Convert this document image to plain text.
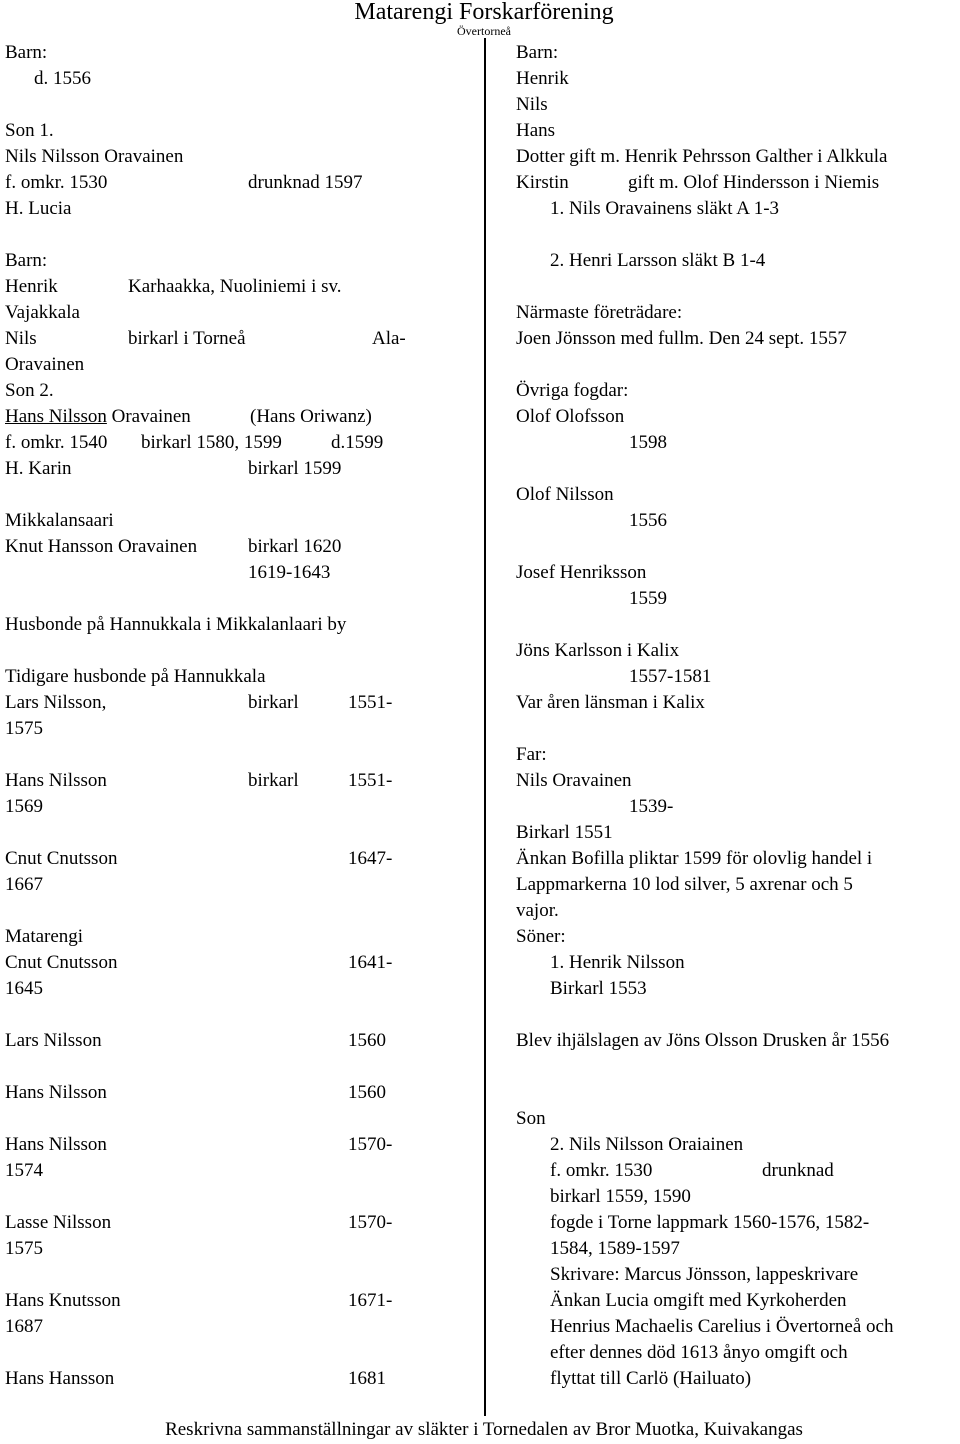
Matarengi Forskarförening
Övertorneå
Barn:
d. 1556
Son 1.
Nils Nilsson Oravainen
f. omkr. 1530	drunknad 1597
H. Lucia
Barn:
Henrik	Karhaakka, Nuoliniemi i sv.
Vajakkala
Nils	birkarl i Torneå	Ala-
Oravainen
Son 2.
Hans Nilsson Oravainen	(Hans Oriwanz)
f. omkr. 1540 birkarl 1580, 1599	d.1599
H. Karin	birkarl 1599
Mikkalansaari
Knut Hansson Oravainen	birkarl 1620
1619-1643
Husbonde på Hannukkala i Mikkalanlaari by
Tidigare husbonde på Hannukkala
Lars Nilsson,	birkarl	1551-
1575
Hans Nilsson	birkarl	1551-
1569
Cnut Cnutsson	1647-
1667
Matarengi
Cnut Cnutsson	1641-
1645
Lars Nilsson	1560
Hans Nilsson	1560
Hans Nilsson	1570-
1574
Lasse Nilsson	1570-
1575
Hans Knutsson	1671-
1687
Hans Hansson	1681
Barn:
Henrik
Nils
Hans
Dotter gift m. Henrik Pehrsson Galther i Alkkula
Kirstin	gift m. Olof Hindersson i Niemis
1. Nils Oravainens släkt A 1-3
2. Henri Larsson släkt B 1-4
Närmaste företrädare:
Joen Jönsson med fullm. Den 24 sept. 1557
Övriga fogdar:
Olof Olofsson
1598
Olof Nilsson
1556
Josef Henriksson
1559
Jöns Karlsson i Kalix
1557-1581
Var åren länsman i Kalix
Far:
Nils Oravainen
1539-
Birkarl 1551
Änkan Bofilla pliktar 1599 för olovlig handel i
Lappmarkerna 10 lod silver, 5 axrenar och 5
vajor.
Söner:
1. Henrik Nilsson
Birkarl 1553
Blev ihjälslagen av Jöns Olsson Drusken år 1556
Son
2. Nils Nilsson Oraiainen
f. omkr. 1530	drunknad
birkarl 1559, 1590
fogde i Torne lappmark 1560-1576, 1582-
1584, 1589-1597
Skrivare: Marcus Jönsson, lappeskrivare
Änkan Lucia omgift med Kyrkoherden
Henrius Machaelis Carelius i Övertorneå och
efter dennes död 1613 ånyo omgift och
flyttat till Carlö (Hailuato)
Reskrivna sammanställningar av släkter i Tornedalen av Bror Muotka, Kuivakangas
